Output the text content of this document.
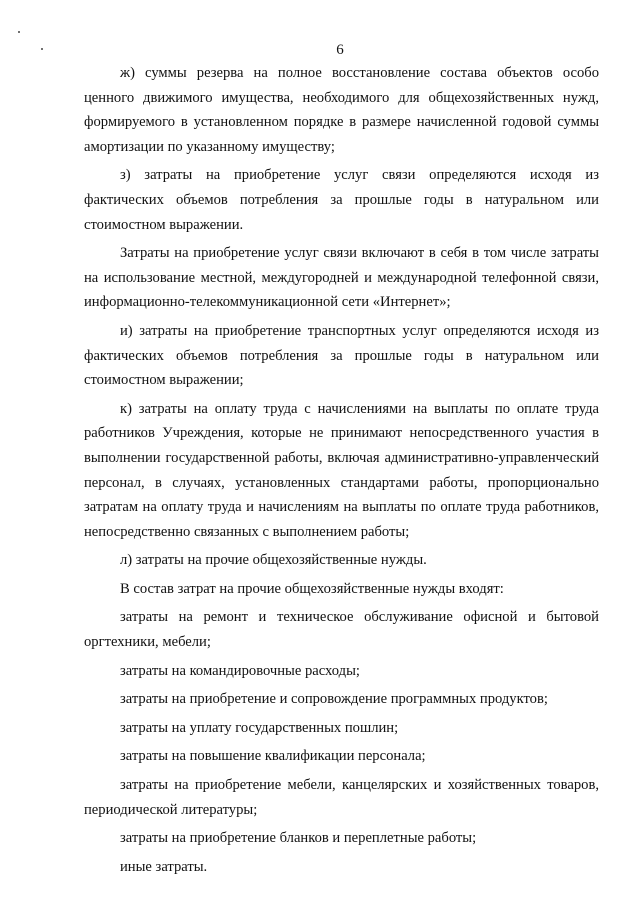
6

ж) суммы резерва на полное восстановление состава объектов особо ценного движимого имущества, необходимого для общехозяйственных нужд, формируемого в установленном порядке в размере начисленной годовой суммы амортизации по указанному имуществу;

з) затраты на приобретение услуг связи определяются исходя из фактических объемов потребления за прошлые годы в натуральном или стоимостном выражении.

Затраты на приобретение услуг связи включают в себя в том числе затраты на использование местной, междугородней и международной телефонной связи, информационно-телекоммуникационной сети «Интернет»;

и) затраты на приобретение транспортных услуг определяются исходя из фактических объемов потребления за прошлые годы в натуральном или стоимостном выражении;

к) затраты на оплату труда с начислениями на выплаты по оплате труда работников Учреждения, которые не принимают непосредственного участия в выполнении государственной работы, включая административно-управленческий персонал, в случаях, установленных стандартами работы, пропорционально затратам на оплату труда и начислениям на выплаты по оплате труда работников, непосредственно связанных с выполнением работы;

л) затраты на прочие общехозяйственные нужды.

В состав затрат на прочие общехозяйственные нужды входят:

затраты на ремонт и техническое обслуживание офисной и бытовой оргтехники, мебели;

затраты на командировочные расходы;

затраты на приобретение и сопровождение программных продуктов;

затраты на уплату государственных пошлин;

затраты на повышение квалификации персонала;

затраты на приобретение мебели, канцелярских и хозяйственных товаров, периодической литературы;

затраты на приобретение бланков и переплетные работы;

иные затраты.
